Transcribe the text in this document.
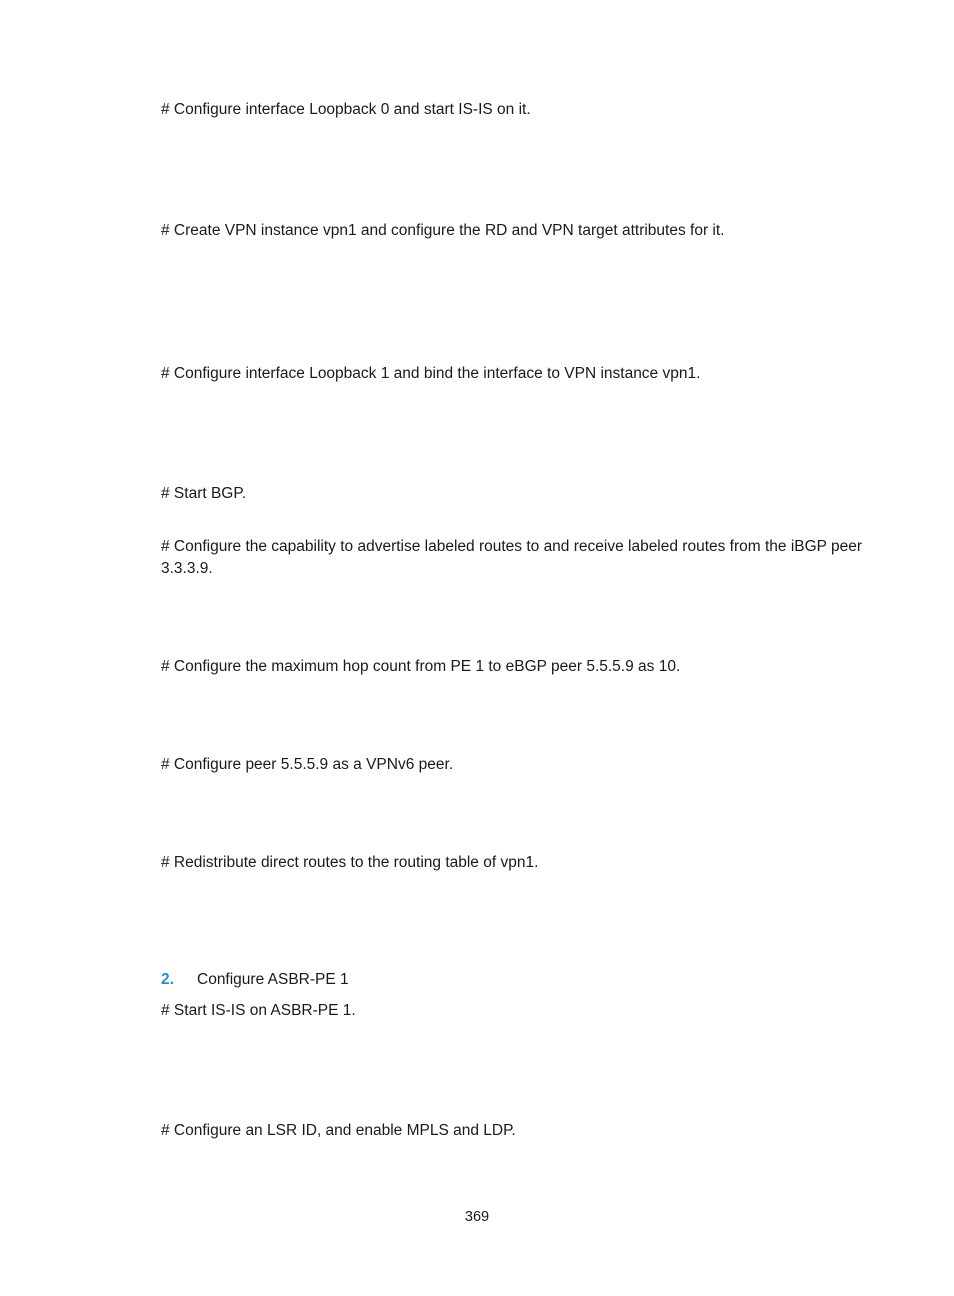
# Configure interface Loopback 0 and start IS-IS on it.
# Create VPN instance vpn1 and configure the RD and VPN target attributes for it.
# Configure interface Loopback 1 and bind the interface to VPN instance vpn1.
# Start BGP.
# Configure the capability to advertise labeled routes to and receive labeled routes from the iBGP peer 3.3.3.9.
# Configure the maximum hop count from PE 1 to eBGP peer 5.5.5.9 as 10.
# Configure peer 5.5.5.9 as a VPNv6 peer.
# Redistribute direct routes to the routing table of vpn1.
2. Configure ASBR-PE 1
# Start IS-IS on ASBR-PE 1.
# Configure an LSR ID, and enable MPLS and LDP.
369
